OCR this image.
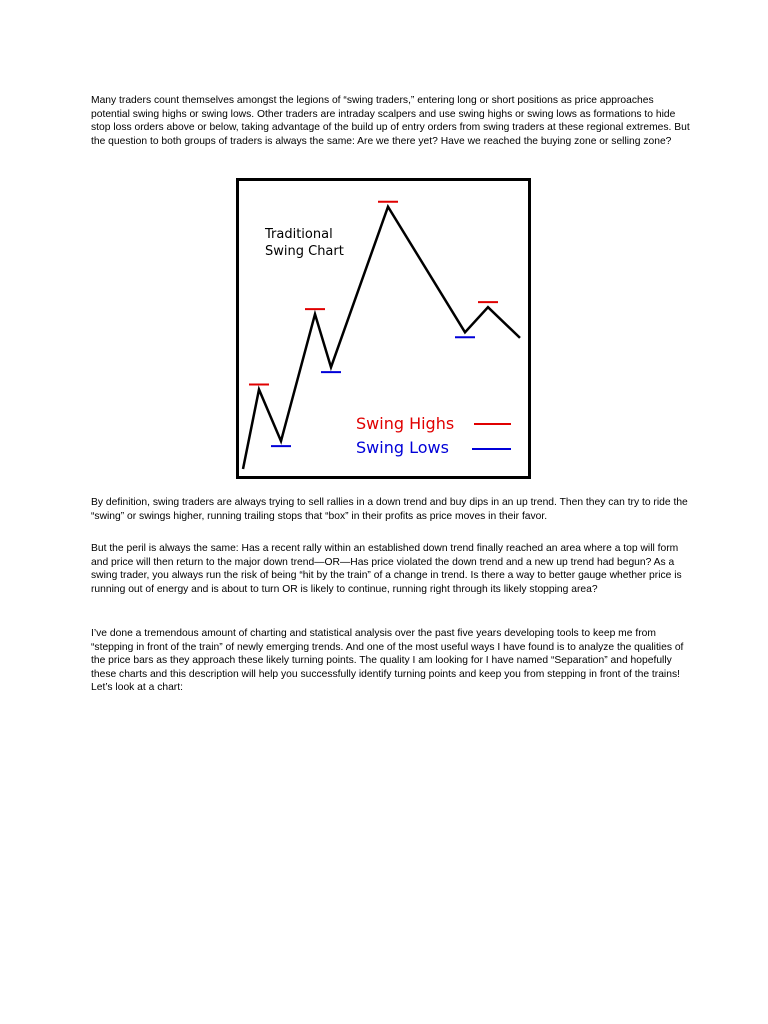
Many traders count themselves amongst the legions of “swing traders,” entering long or short positions as price approaches potential swing highs or swing lows. Other traders are intraday scalpers and use swing highs or swing lows as formations to hide stop loss orders above or below, taking advantage of the build up of entry orders from swing traders at these regional extremes. But the question to both groups of traders is always the same: Are we there yet? Have we reached the buying zone or selling zone?

Traditional
Swing Chart
Swing Highs
Swing Lows

By definition, swing traders are always trying to sell rallies in a down trend and buy dips in an up trend. Then they can try to ride the “swing” or swings higher, running trailing stops that “box” in their profits as price moves in their favor.

But the peril is always the same: Has a recent rally within an established down trend finally reached an area where a top will form and price will then return to the major down trend—OR—Has price violated the down trend and a new up trend had begun? As a swing trader, you always run the risk of being “hit by the train” of a change in trend. Is there a way to better gauge whether price is running out of energy and is about to turn OR is likely to continue, running right through its likely stopping area?

I’ve done a tremendous amount of charting and statistical analysis over the past five years developing tools to keep me from “stepping in front of the train” of newly emerging trends. And one of the most useful ways I have found is to analyze the qualities of the price bars as they approach these likely turning points. The quality I am looking for I have named “Separation” and hopefully these charts and this description will help you successfully identify turning points and keep you from stepping in front of the trains! Let’s look at a chart:
